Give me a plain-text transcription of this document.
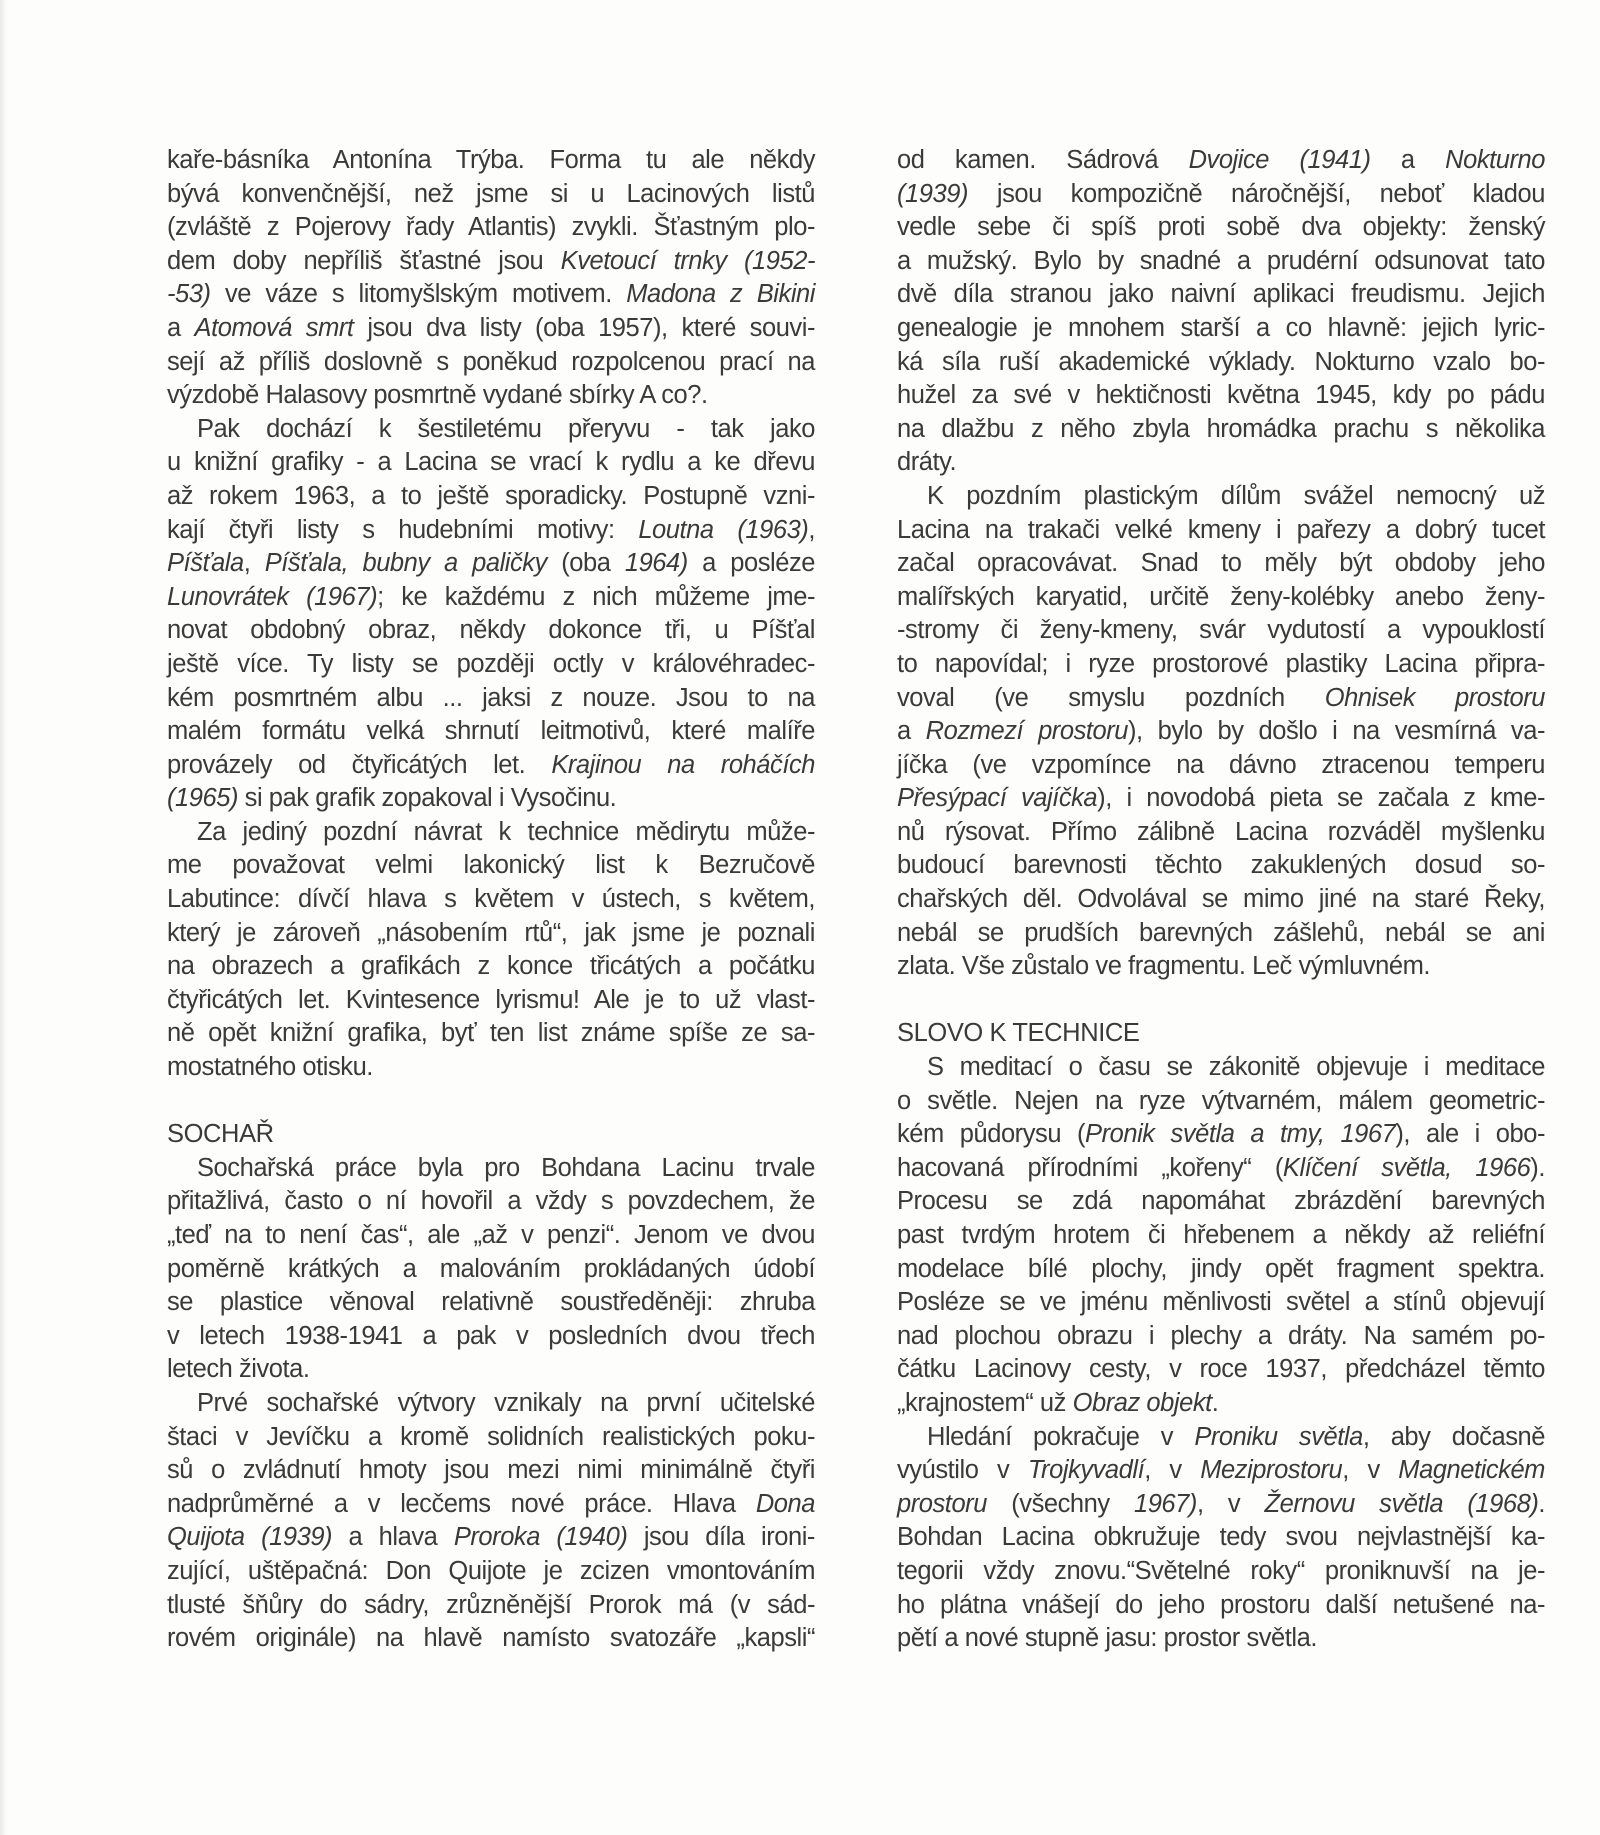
kaře-básníka Antonína Trýba. Forma tu ale někdy
bývá konvenčnější, než jsme si u Lacinových listů
(zvláště z Pojerovy řady Atlantis) zvykli. Šťastným plo-
dem doby nepříliš šťastné jsou Kvetoucí trnky (1952-
-53) ve váze s litomyšlským motivem. Madona z Bikini
a Atomová smrt jsou dva listy (oba 1957), které souvi-
sejí až příliš doslovně s poněkud rozpolcenou prací na
výzdobě Halasovy posmrtně vydané sbírky A co?.
Pak dochází k šestiletému přeryvu - tak jako
u knižní grafiky - a Lacina se vrací k rydlu a ke dřevu
až rokem 1963, a to ještě sporadicky. Postupně vzni-
kají čtyři listy s hudebními motivy: Loutna (1963),
Píšťala, Píšťala, bubny a paličky (oba 1964) a posléze
Lunovrátek (1967); ke každému z nich můžeme jme-
novat obdobný obraz, někdy dokonce tři, u Píšťal
ještě více. Ty listy se později octly v královéhradec-
kém posmrtném albu ... jaksi z nouze. Jsou to na
malém formátu velká shrnutí leitmotivů, které malíře
provázely od čtyřicátých let. Krajinou na roháčích
(1965) si pak grafik zopakoval i Vysočinu.
Za jediný pozdní návrat k technice mědirytu může-
me považovat velmi lakonický list k Bezručově
Labutince: dívčí hlava s květem v ústech, s květem,
který je zároveň „násobením rtů“, jak jsme je poznali
na obrazech a grafikách z konce třicátých a počátku
čtyřicátých let. Kvintesence lyrismu! Ale je to už vlast-
ně opět knižní grafika, byť ten list známe spíše ze sa-
mostatného otisku.
SOCHAŘ
Sochařská práce byla pro Bohdana Lacinu trvale
přitažlivá, často o ní hovořil a vždy s povzdechem, že
„teď na to není čas“, ale „až v penzi“. Jenom ve dvou
poměrně krátkých a malováním prokládaných údobí
se plastice věnoval relativně soustředěněji: zhruba
v letech 1938-1941 a pak v posledních dvou třech
letech života.
Prvé sochařské výtvory vznikaly na první učitelské
štaci v Jevíčku a kromě solidních realistických poku-
sů o zvládnutí hmoty jsou mezi nimi minimálně čtyři
nadprůměrné a v lecčems nové práce. Hlava Dona
Quijota (1939) a hlava Proroka (1940) jsou díla ironi-
zující, uštěpačná: Don Quijote je zcizen vmontováním
tlusté šňůry do sádry, zrůzněnější Prorok má (v sád-
rovém originále) na hlavě namísto svatozáře „kapsli“
od kamen. Sádrová Dvojice (1941) a Nokturno
(1939) jsou kompozičně náročnější, neboť kladou
vedle sebe či spíš proti sobě dva objekty: ženský
a mužský. Bylo by snadné a prudérní odsunovat tato
dvě díla stranou jako naivní aplikaci freudismu. Jejich
genealogie je mnohem starší a co hlavně: jejich lyric-
ká síla ruší akademické výklady. Nokturno vzalo bo-
hužel za své v hektičnosti května 1945, kdy po pádu
na dlažbu z něho zbyla hromádka prachu s několika
dráty.
K pozdním plastickým dílům svážel nemocný už
Lacina na trakači velké kmeny i pařezy a dobrý tucet
začal opracovávat. Snad to měly být obdoby jeho
malířských karyatid, určitě ženy-kolébky anebo ženy-
-stromy či ženy-kmeny, svár vydutostí a vypouklostí
to napovídal; i ryze prostorové plastiky Lacina připra-
voval (ve smyslu pozdních Ohnisek prostoru
a Rozmezí prostoru), bylo by došlo i na vesmírná va-
jíčka (ve vzpomínce na dávno ztracenou temperu
Přesýpací vajíčka), i novodobá pieta se začala z kme-
nů rýsovat. Přímo zálibně Lacina rozváděl myšlenku
budoucí barevnosti těchto zakuklených dosud so-
chařských děl. Odvolával se mimo jiné na staré Řeky,
nebál se prudších barevných zášlehů, nebál se ani
zlata. Vše zůstalo ve fragmentu. Leč výmluvném.
SLOVO K TECHNICE
S meditací o času se zákonitě objevuje i meditace
o světle. Nejen na ryze výtvarném, málem geometric-
kém půdorysu (Pronik světla a tmy, 1967), ale i obo-
hacovaná přírodními „kořeny“ (Klíčení světla, 1966).
Procesu se zdá napomáhat zbrázdění barevných
past tvrdým hrotem či hřebenem a někdy až reliéfní
modelace bílé plochy, jindy opět fragment spektra.
Posléze se ve jménu měnlivosti světel a stínů objevují
nad plochou obrazu i plechy a dráty. Na samém po-
čátku Lacinovy cesty, v roce 1937, předcházel těmto
„krajnostem“ už Obraz objekt.
Hledání pokračuje v Proniku světla, aby dočasně
vyústilo v Trojkyvadlí, v Meziprostoru, v Magnetickém
prostoru (všechny 1967), v Žernovu světla (1968).
Bohdan Lacina obkružuje tedy svou nejvlastnější ka-
tegorii vždy znovu.“Světelné roky“ proniknuvší na je-
ho plátna vnášejí do jeho prostoru další netušené na-
pětí a nové stupně jasu: prostor světla.
